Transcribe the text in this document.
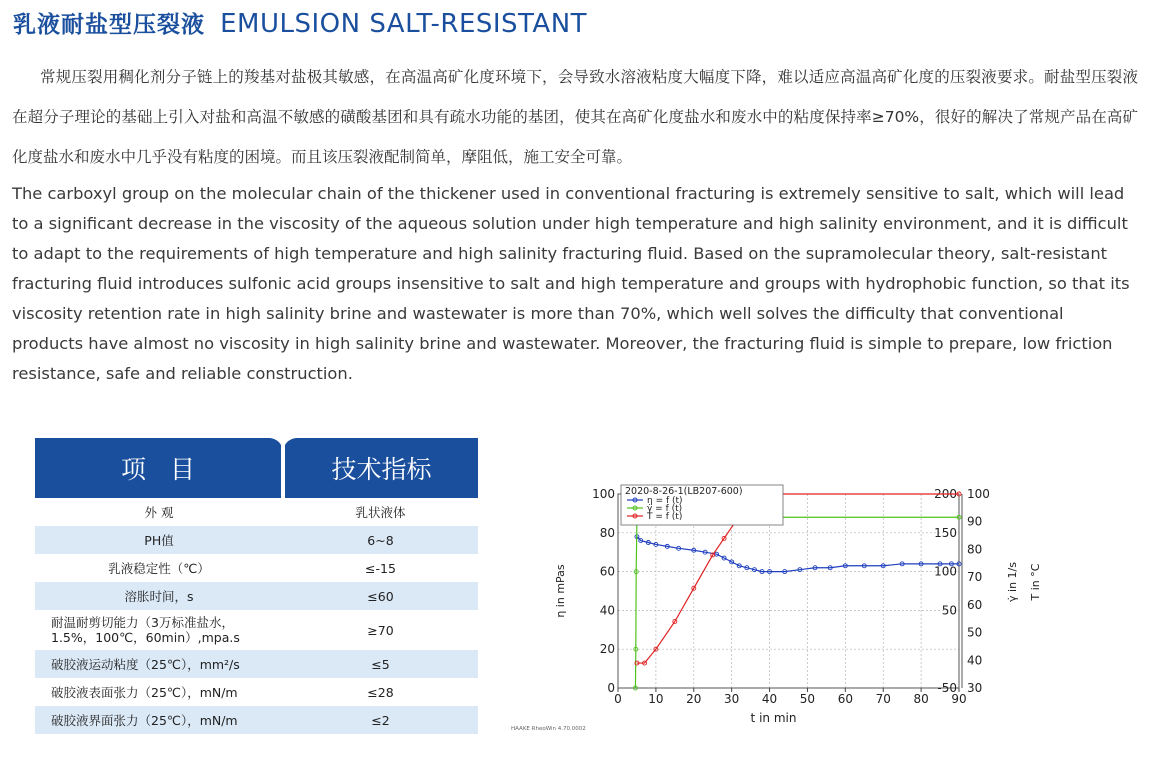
乳液耐盐型压裂液 EMULSION SALT-RESISTANT
常规压裂用稠化剂分子链上的羧基对盐极其敏感，在高温高矿化度环境下，会导致水溶液粘度大幅度下降，难以适应高温高矿化度的压裂液要求。耐盐型压裂液在超分子理论的基础上引入对盐和高温不敏感的磺酸基团和具有疏水功能的基团，使其在高矿化度盐水和废水中的粘度保持率≥70%，很好的解决了常规产品在高矿化度盐水和废水中几乎没有粘度的困境。而且该压裂液配制简单，摩阻低，施工安全可靠。
The carboxyl group on the molecular chain of the thickener used in conventional fracturing is extremely sensitive to salt, which will lead to a significant decrease in the viscosity of the aqueous solution under high temperature and high salinity environment, and it is difficult to adapt to the requirements of high temperature and high salinity fracturing fluid. Based on the supramolecular theory, salt-resistant fracturing fluid introduces sulfonic acid groups insensitive to salt and high temperature and groups with hydrophobic function, so that its viscosity retention rate in high salinity brine and wastewater is more than 70%, which well solves the difficulty that conventional products have almost no viscosity in high salinity brine and wastewater. Moreover, the fracturing fluid is simple to prepare, low friction resistance, safe and reliable construction.
项目	技术指标
外 观	乳状液体
PH值	6~8
乳液稳定性（℃）	≤-15
溶胀时间，s	≤60
耐温耐剪切能力（3万标准盐水，
1.5%，100℃，60min）,mpa.s	≥70
破胶液运动粘度（25℃），mm²/s	≤5
破胶液表面张力（25℃），mN/m	≤28
破胶液界面张力（25℃），mN/m	≤2
0 10 20 30 40 50 60 70 80 90
0
20
40
60
80
100
-50
50
100
150
200
30
40
50
60
70
80
90
100
t in min
η in mPas	γ̇ in 1/s T in °C
2020-8-26-1(LB207-600)
η = f (t)
γ̇ = f (t)
T = f (t)
HAAKE RheoWin 4.70.0002
